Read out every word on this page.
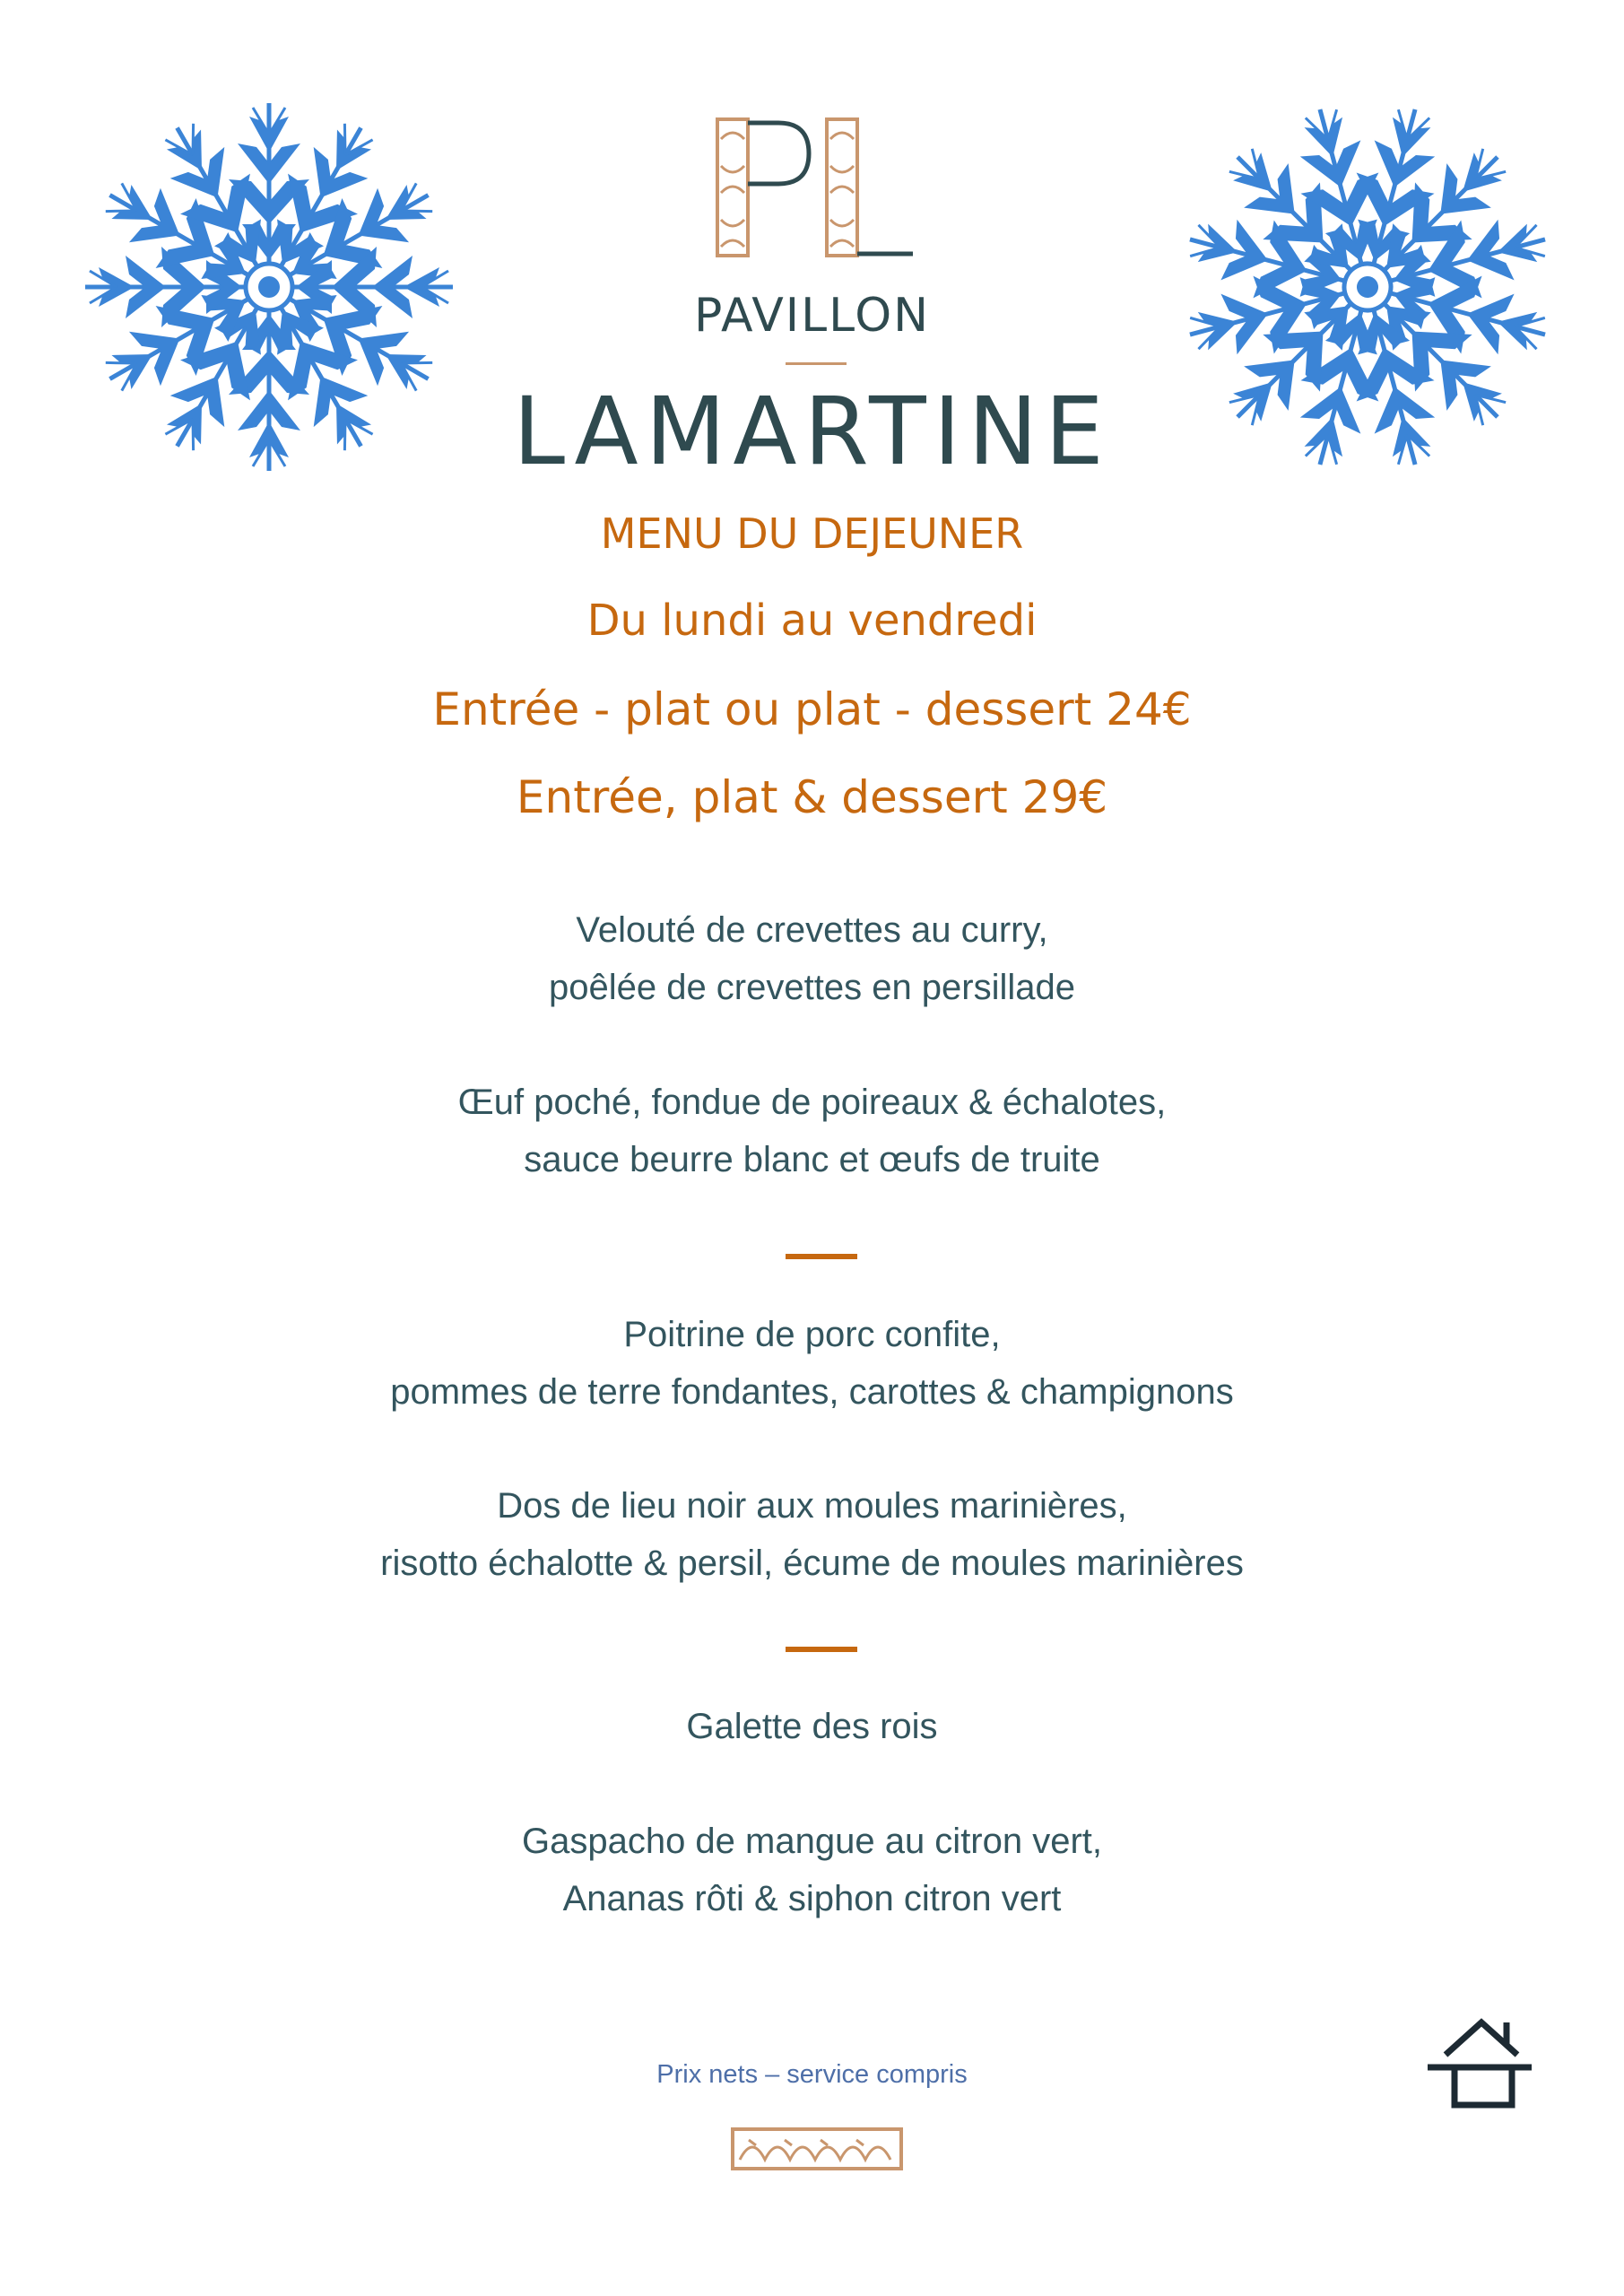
PAVILLON
LAMARTINE
MENU DU DEJEUNER
Du lundi au vendredi
Entrée - plat ou plat - dessert 24€
Entrée, plat & dessert 29€
Velouté de crevettes au curry,
poêlée de crevettes en persillade
Œuf poché, fondue de poireaux & échalotes,
sauce beurre blanc et œufs de truite
Poitrine de porc confite,
pommes de terre fondantes, carottes & champignons
Dos de lieu noir aux moules marinières,
risotto échalotte & persil, écume de moules marinières
Galette des rois
Gaspacho de mangue au citron vert,
Ananas rôti & siphon citron vert
Prix nets – service compris
